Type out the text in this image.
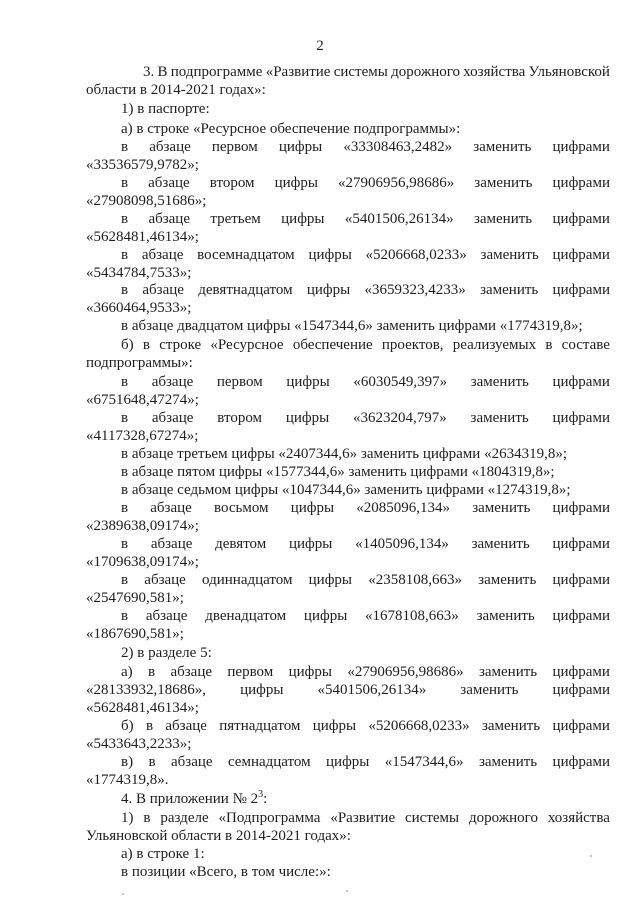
2
3. В подпрограмме «Развитие системы дорожного хозяйства Ульяновской
области в 2014-2021 годах»:
1) в паспорте:
а) в строке «Ресурсное обеспечение подпрограммы»:
в абзаце первом цифры «33308463,2482» заменить цифрами
«33536579,9782»;
в абзаце втором цифры «27906956,98686» заменить цифрами
«27908098,51686»;
в абзаце третьем цифры «5401506,26134» заменить цифрами
«5628481,46134»;
в абзаце восемнадцатом цифры «5206668,0233» заменить цифрами
«5434784,7533»;
в абзаце девятнадцатом цифры «3659323,4233» заменить цифрами
«3660464,9533»;
в абзаце двадцатом цифры «1547344,6» заменить цифрами «1774319,8»;
б) в строке «Ресурсное обеспечение проектов, реализуемых в составе
подпрограммы»:
в абзаце первом цифры «6030549,397» заменить цифрами
«6751648,47274»;
в абзаце втором цифры «3623204,797» заменить цифрами
«4117328,67274»;
в абзаце третьем цифры «2407344,6» заменить цифрами «2634319,8»;
в абзаце пятом цифры «1577344,6» заменить цифрами «1804319,8»;
в абзаце седьмом цифры «1047344,6» заменить цифрами «1274319,8»;
в абзаце восьмом цифры «2085096,134» заменить цифрами
«2389638,09174»;
в абзаце девятом цифры «1405096,134» заменить цифрами
«1709638,09174»;
в абзаце одиннадцатом цифры «2358108,663» заменить цифрами
«2547690,581»;
в абзаце двенадцатом цифры «1678108,663» заменить цифрами
«1867690,581»;
2) в разделе 5:
а) в абзаце первом цифры «27906956,98686» заменить цифрами
«28133932,18686», цифры «5401506,26134» заменить цифрами
«5628481,46134»;
б) в абзаце пятнадцатом цифры «5206668,0233» заменить цифрами
«5433643,2233»;
в) в абзаце семнадцатом цифры «1547344,6» заменить цифрами
«1774319,8».
4. В приложении № $2^3$:
1) в разделе «Подпрограмма «Развитие системы дорожного хозяйства
Ульяновской области в 2014-2021 годах»:
а) в строке 1:
в позиции «Всего, в том числе:»:
